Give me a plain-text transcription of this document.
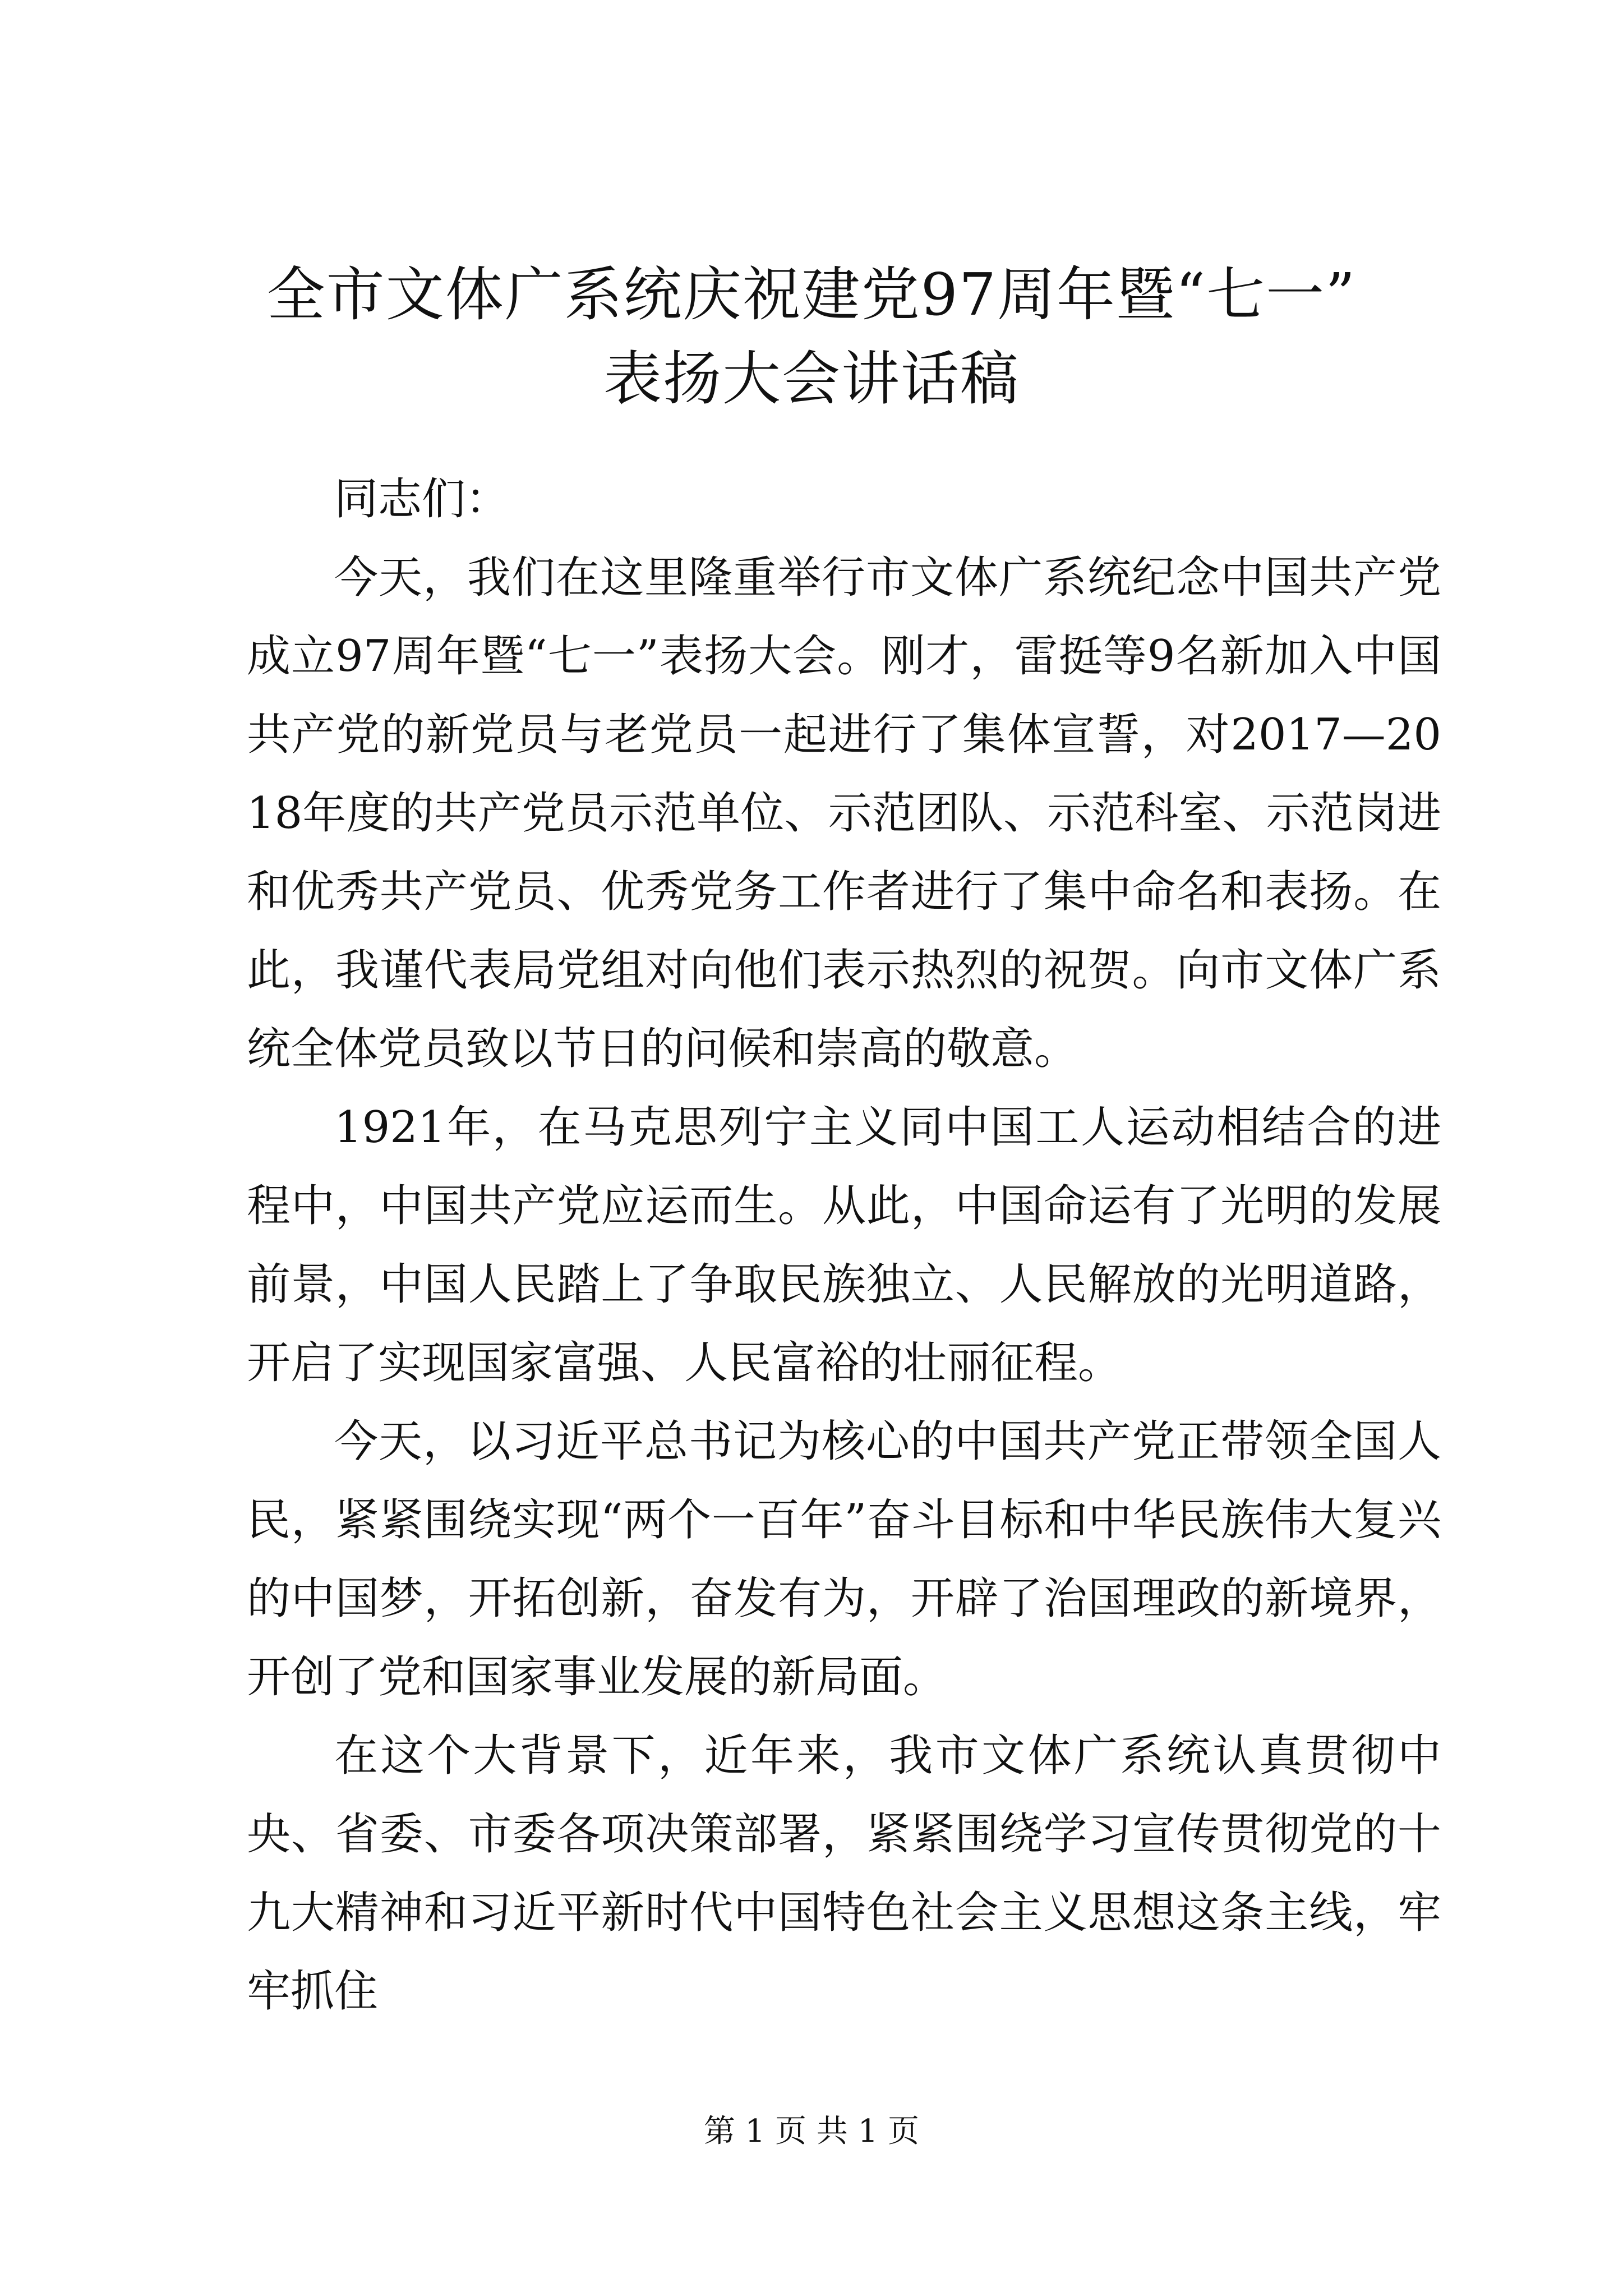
全市文体广系统庆祝建党97周年暨“七一”
表扬大会讲话稿

同志们：

今天，我们在这里隆重举行市文体广系统纪念中国共产党成立97周年暨“七一”表扬大会。刚才，雷挺等9名新加入中国共产党的新党员与老党员一起进行了集体宣誓，对2017—2018年度的共产党员示范单位、示范团队、示范科室、示范岗进和优秀共产党员、优秀党务工作者进行了集中命名和表扬。在此，我谨代表局党组对向他们表示热烈的祝贺。向市文体广系统全体党员致以节日的问候和崇高的敬意。

1921年，在马克思列宁主义同中国工人运动相结合的进程中，中国共产党应运而生。从此，中国命运有了光明的发展前景，中国人民踏上了争取民族独立、人民解放的光明道路，开启了实现国家富强、人民富裕的壮丽征程。

今天，以习近平总书记为核心的中国共产党正带领全国人民，紧紧围绕实现“两个一百年”奋斗目标和中华民族伟大复兴的中国梦，开拓创新，奋发有为，开辟了治国理政的新境界，开创了党和国家事业发展的新局面。

在这个大背景下，近年来，我市文体广系统认真贯彻中央、省委、市委各项决策部署，紧紧围绕学习宣传贯彻党的十九大精神和习近平新时代中国特色社会主义思想这条主线，牢牢抓住

第 1 页 共 1 页
